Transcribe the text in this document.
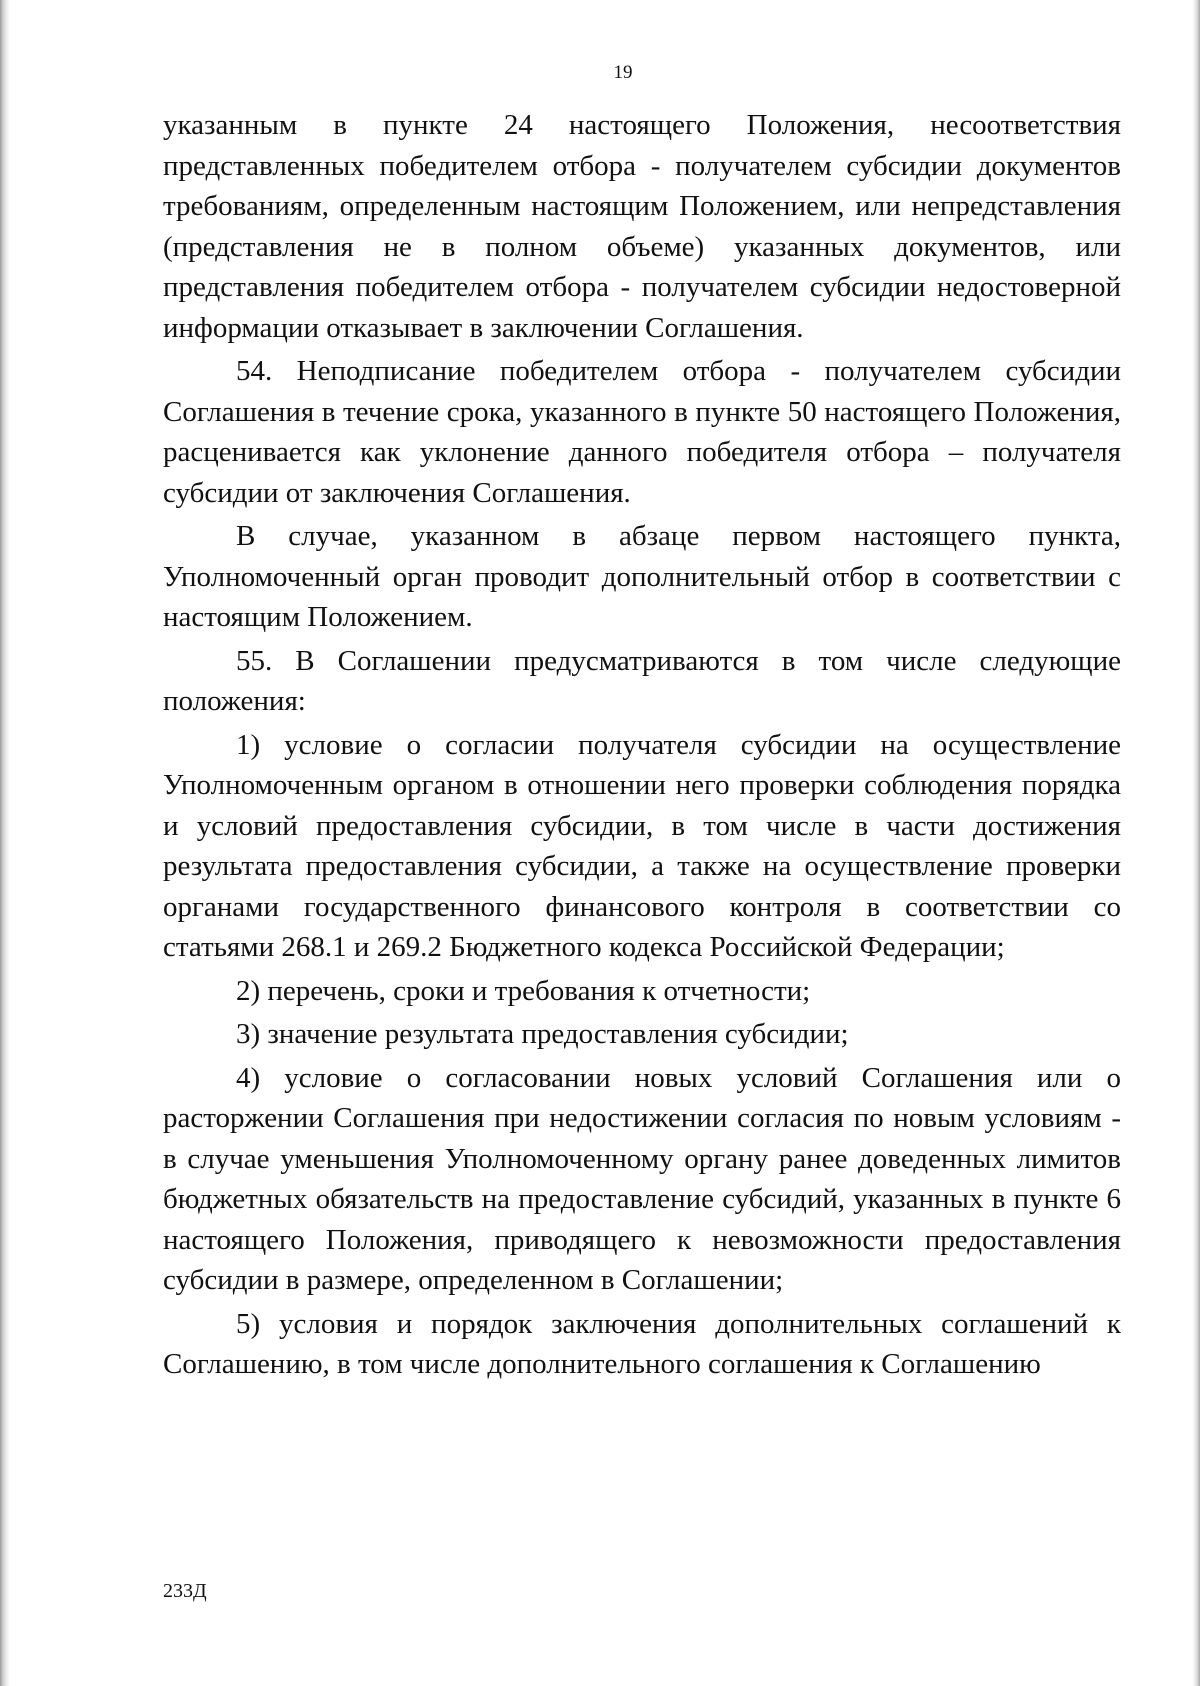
19

указанным в пункте 24 настоящего Положения, несоответствия представленных победителем отбора - получателем субсидии документов требованиям, определенным настоящим Положением, или непредставления (представления не в полном объеме) указанных документов, или представления победителем отбора - получателем субсидии недостоверной информации отказывает в заключении Соглашения.

54. Неподписание победителем отбора - получателем субсидии Соглашения в течение срока, указанного в пункте 50 настоящего Положения, расценивается как уклонение данного победителя отбора – получателя субсидии от заключения Соглашения.

В случае, указанном в абзаце первом настоящего пункта, Уполномоченный орган проводит дополнительный отбор в соответствии с настоящим Положением.

55. В Соглашении предусматриваются в том числе следующие положения:

1) условие о согласии получателя субсидии на осуществление Уполномоченным органом в отношении него проверки соблюдения порядка и условий предоставления субсидии, в том числе в части достижения результата предоставления субсидии, а также на осуществление проверки органами государственного финансового контроля в соответствии со статьями 268.1 и 269.2 Бюджетного кодекса Российской Федерации;

2) перечень, сроки и требования к отчетности;

3) значение результата предоставления субсидии;

4) условие о согласовании новых условий Соглашения или о расторжении Соглашения при недостижении согласия по новым условиям - в случае уменьшения Уполномоченному органу ранее доведенных лимитов бюджетных обязательств на предоставление субсидий, указанных в пункте 6 настоящего Положения, приводящего к невозможности предоставления субсидии в размере, определенном в Соглашении;

5) условия и порядок заключения дополнительных соглашений к Соглашению, в том числе дополнительного соглашения к Соглашению

233Д
